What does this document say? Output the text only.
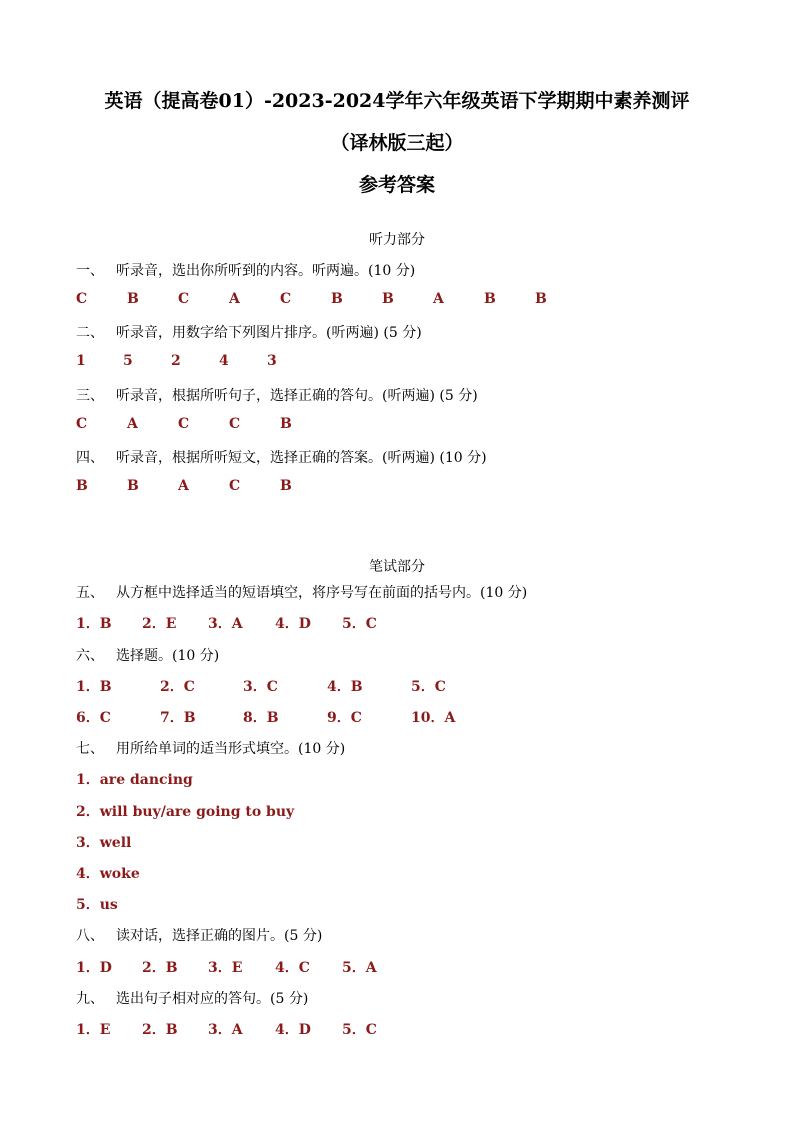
英语（提高卷01）-2023-2024学年六年级英语下学期期中素养测评
（译林版三起）
参考答案
听力部分
一、 听录音，选出你所听到的内容。听两遍。(10 分)
C	B	C	A	C	B	B	A	B	B
二、 听录音，用数字给下列图片排序。(听两遍) (5 分)
1	5	2	4	3
三、 听录音，根据所听句子，选择正确的答句。(听两遍) (5 分)
C	A	C	C	B
四、 听录音，根据所听短文，选择正确的答案。(听两遍) (10 分)
B	B	A	C	B
笔试部分
五、 从方框中选择适当的短语填空，将序号写在前面的括号内。(10 分)
1．B 2．E 3．A 4．D 5．C
六、 选择题。(10 分)
1．B	2．C	3．C	4．B	5．C
6．C	7．B	8．B	9．C	10．A
七、 用所给单词的适当形式填空。(10 分)
1．are dancing
2．will buy/are going to buy
3．well
4．woke
5．us
八、 读对话，选择正确的图片。(5 分)
1．D 2．B 3．E 4．C 5．A
九、 选出句子相对应的答句。(5 分)
1．E 2．B 3．A 4．D 5．C
